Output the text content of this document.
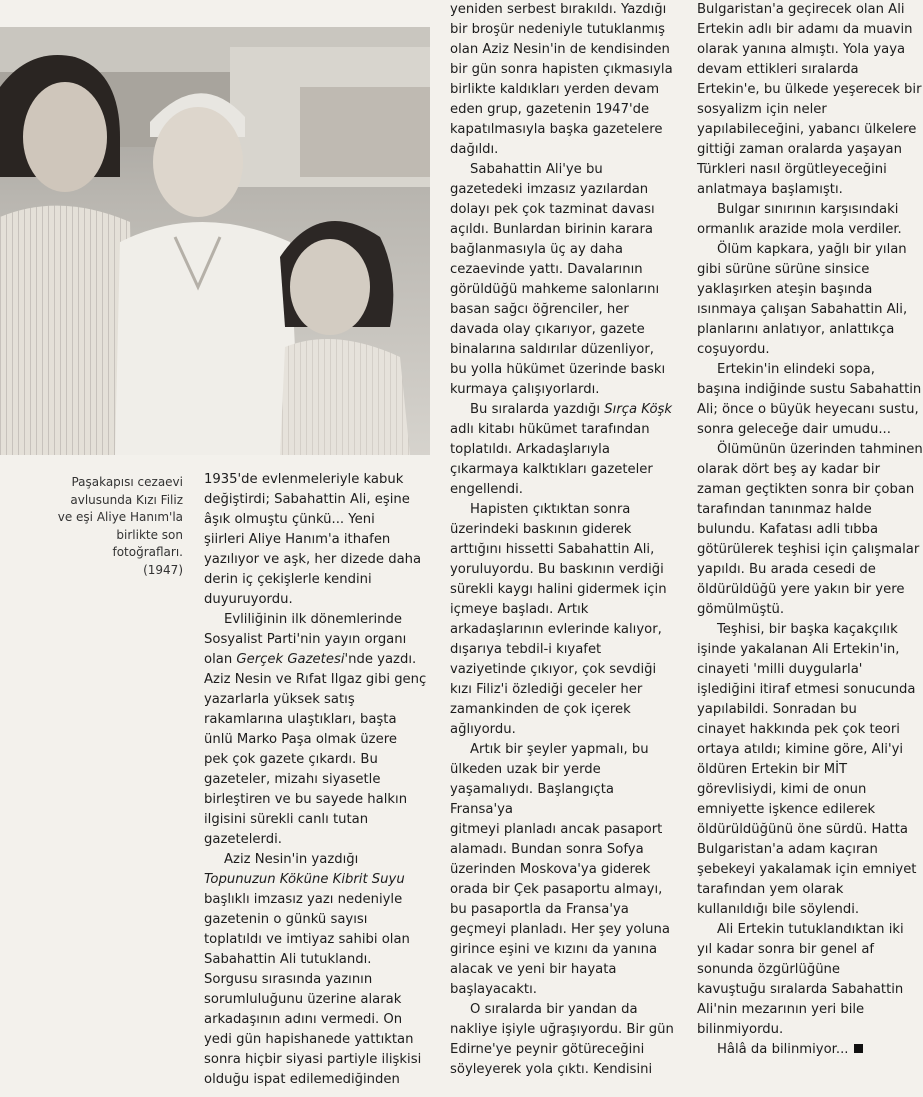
Paşakapısı cezaevi
avlusunda Kızı Filiz
ve eşi Aliye Hanım'la
birlikte son
fotoğrafları.
(1947)
1935'de evlenmeleriyle kabuk
değiştirdi; Sabahattin Ali, eşine
âşık olmuştu çünkü... Yeni
şiirleri Aliye Hanım'a ithafen
yazılıyor ve aşk, her dizede daha
derin iç çekişlerle kendini
duyuruyordu.
Evliliğinin ilk dönemlerinde
Sosyalist Parti'nin yayın organı
olan Gerçek Gazetesi'nde yazdı.
Aziz Nesin ve Rıfat Ilgaz gibi genç
yazarlarla yüksek satış
rakamlarına ulaştıkları, başta
ünlü Marko Paşa olmak üzere
pek çok gazete çıkardı. Bu
gazeteler, mizahı siyasetle
birleştiren ve bu sayede halkın
ilgisini sürekli canlı tutan
gazetelerdi.
Aziz Nesin'in yazdığı
Topunuzun Köküne Kibrit Suyu
başlıklı imzasız yazı nedeniyle
gazetenin o günkü sayısı
toplatıldı ve imtiyaz sahibi olan
Sabahattin Ali tutuklandı.
Sorgusu sırasında yazının
sorumluluğunu üzerine alarak
arkadaşının adını vermedi. On
yedi gün hapishanede yattıktan
sonra hiçbir siyasi partiyle ilişkisi
olduğu ispat edilemediğinden
yeniden serbest bırakıldı. Yazdığı
bir broşür nedeniyle tutuklanmış
olan Aziz Nesin'in de kendisinden
bir gün sonra hapisten çıkmasıyla
birlikte kaldıkları yerden devam
eden grup, gazetenin 1947'de
kapatılmasıyla başka gazetelere
dağıldı.
Sabahattin Ali'ye bu
gazetedeki imzasız yazılardan
dolayı pek çok tazminat davası
açıldı. Bunlardan birinin karara
bağlanmasıyla üç ay daha
cezaevinde yattı. Davalarının
görüldüğü mahkeme salonlarını
basan sağcı öğrenciler, her
davada olay çıkarıyor, gazete
binalarına saldırılar düzenliyor,
bu yolla hükümet üzerinde baskı
kurmaya çalışıyorlardı.
Bu sıralarda yazdığı Sırça Köşk
adlı kitabı hükümet tarafından
toplatıldı. Arkadaşlarıyla
çıkarmaya kalktıkları gazeteler
engellendi.
Hapisten çıktıktan sonra
üzerindeki baskının giderek
arttığını hissetti Sabahattin Ali,
yoruluyordu. Bu baskının verdiği
sürekli kaygı halini gidermek için
içmeye başladı. Artık
arkadaşlarının evlerinde kalıyor,
dışarıya tebdil-i kıyafet
vaziyetinde çıkıyor, çok sevdiği
kızı Filiz'i özlediği geceler her
zamankinden de çok içerek
ağlıyordu.
Artık bir şeyler yapmalı, bu
ülkeden uzak bir yerde
yaşamalıydı. Başlangıçta Fransa'ya
gitmeyi planladı ancak pasaport
alamadı. Bundan sonra Sofya
üzerinden Moskova'ya giderek
orada bir Çek pasaportu almayı,
bu pasaportla da Fransa'ya
geçmeyi planladı. Her şey yoluna
girince eşini ve kızını da yanına
alacak ve yeni bir hayata
başlayacaktı.
O sıralarda bir yandan da
nakliye işiyle uğraşıyordu. Bir gün
Edirne'ye peynir götüreceğini
söyleyerek yola çıktı. Kendisini
Bulgaristan'a geçirecek olan Ali
Ertekin adlı bir adamı da muavin
olarak yanına almıştı. Yola yaya
devam ettikleri sıralarda
Ertekin'e, bu ülkede yeşerecek bir
sosyalizm için neler
yapılabileceğini, yabancı ülkelere
gittiği zaman oralarda yaşayan
Türkleri nasıl örgütleyeceğini
anlatmaya başlamıştı.
Bulgar sınırının karşısındaki
ormanlık arazide mola verdiler.
Ölüm kapkara, yağlı bir yılan
gibi sürüne sürüne sinsice
yaklaşırken ateşin başında
ısınmaya çalışan Sabahattin Ali,
planlarını anlatıyor, anlattıkça
coşuyordu.
Ertekin'in elindeki sopa,
başına indiğinde sustu Sabahattin
Ali; önce o büyük heyecanı sustu,
sonra geleceğe dair umudu...
Ölümünün üzerinden tahminen
olarak dört beş ay kadar bir
zaman geçtikten sonra bir çoban
tarafından tanınmaz halde
bulundu. Kafatası adli tıbba
götürülerek teşhisi için çalışmalar
yapıldı. Bu arada cesedi de
öldürüldüğü yere yakın bir yere
gömülmüştü.
Teşhisi, bir başka kaçakçılık
işinde yakalanan Ali Ertekin'in,
cinayeti 'milli duygularla'
işlediğini itiraf etmesi sonucunda
yapılabildi. Sonradan bu
cinayet hakkında pek çok teori
ortaya atıldı; kimine göre, Ali'yi
öldüren Ertekin bir MİT
görevlisiydi, kimi de onun
emniyette işkence edilerek
öldürüldüğünü öne sürdü. Hatta
Bulgaristan'a adam kaçıran
şebekeyi yakalamak için emniyet
tarafından yem olarak
kullanıldığı bile söylendi.
Ali Ertekin tutuklandıktan iki
yıl kadar sonra bir genel af
sonunda özgürlüğüne
kavuştuğu sıralarda Sabahattin
Ali'nin mezarının yeri bile
bilinmiyordu.
Hâlâ da bilinmiyor...
